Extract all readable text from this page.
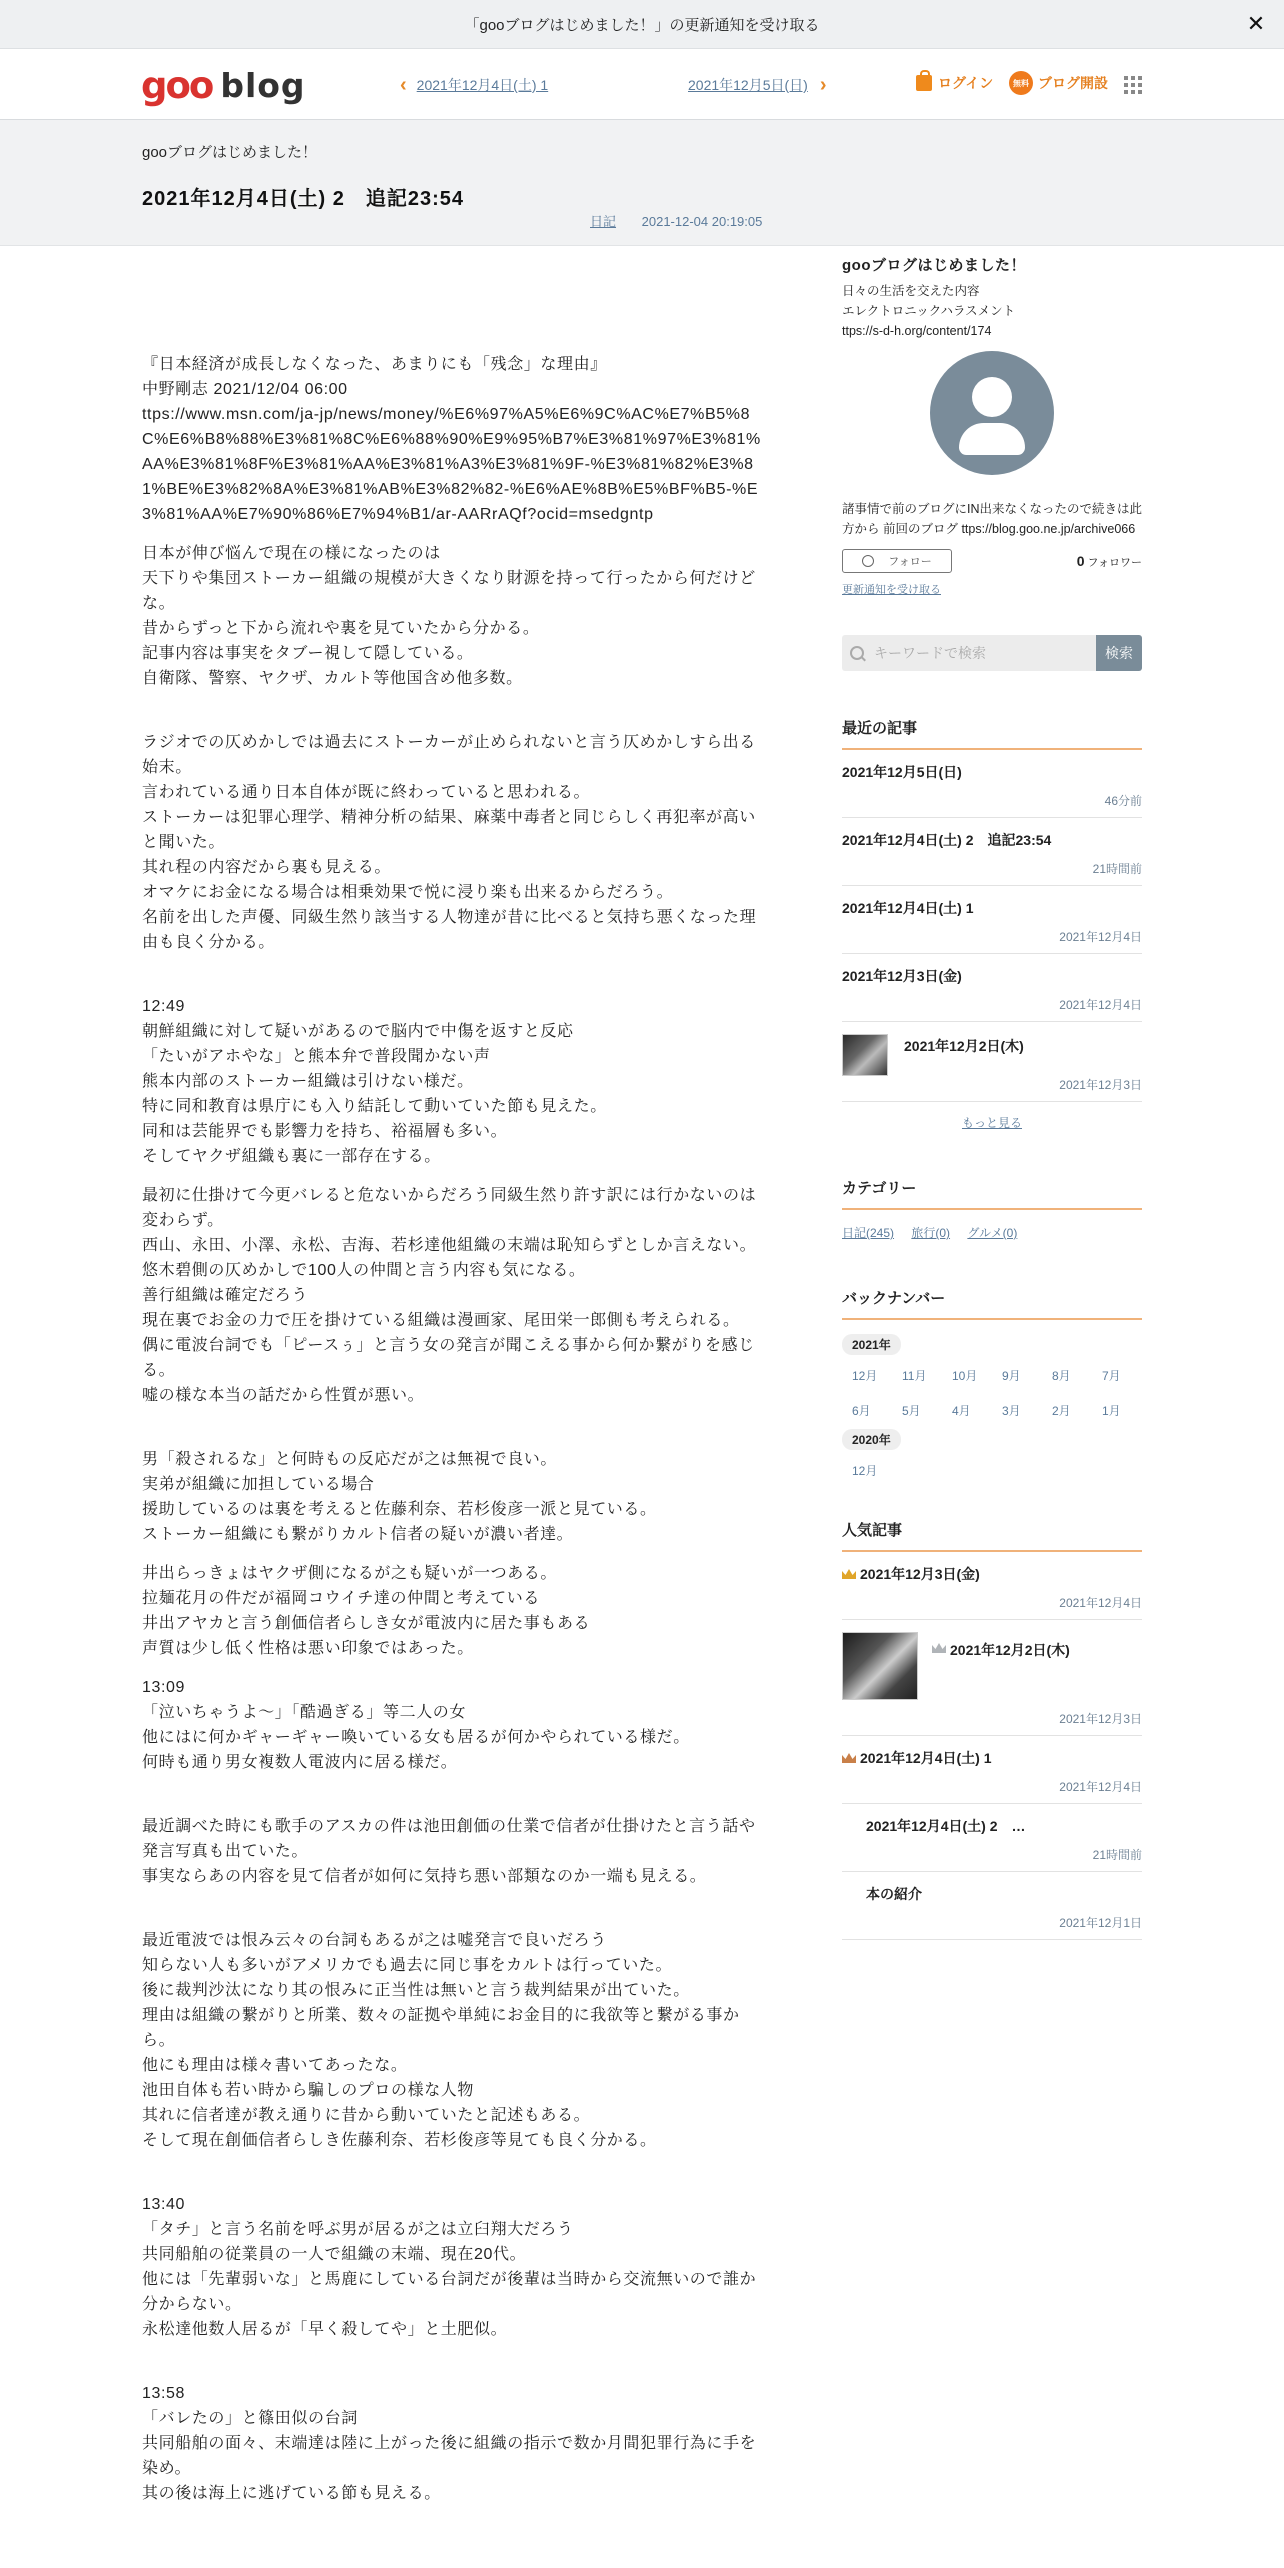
「gooブログはじめました！」の更新通知を受け取る	✕
goo blog	‹ 2021年12月4日(土) 1	2021年12月5日(日) ›	ログイン	無料 ブログ開設
gooブログはじめました！
2021年12月4日(土) 2　追記23:54
日記 2021-12-04 20:19:05

『日本経済が成長しなくなった、あまりにも「残念」な理由』
中野剛志 2021/12/04 06:00
ttps://www.msn.com/ja-jp/news/money/%E6%97%A5%E6%9C%AC%E7%B5%8C%E6%B8%88%E3%81%8C%E6%88%90%E9%95%B7%E3%81%97%E3%81%AA%E3%81%8F%E3%81%AA%E3%81%A3%E3%81%9F-%E3%81%82%E3%81%BE%E3%82%8A%E3%81%AB%E3%82%82-%E6%AE%8B%E5%BF%B5-%E3%81%AA%E7%90%86%E7%94%B1/ar-AARrAQf?ocid=msedgntp

日本が伸び悩んで現在の様になったのは
天下りや集団ストーカー組織の規模が大きくなり財源を持って行ったから何だけどな。
昔からずっと下から流れや裏を見ていたから分かる。
記事内容は事実をタブー視して隠している。
自衛隊、警察、ヤクザ、カルト等他国含め他多数。

ラジオでの仄めかしでは過去にストーカーが止められないと言う仄めかしすら出る始末。
言われている通り日本自体が既に終わっていると思われる。
ストーカーは犯罪心理学、精神分析の結果、麻薬中毒者と同じらしく再犯率が高いと聞いた。
其れ程の内容だから裏も見える。
オマケにお金になる場合は相乗効果で悦に浸り楽も出来るからだろう。
名前を出した声優、同級生然り該当する人物達が昔に比べると気持ち悪くなった理由も良く分かる。

12:49
朝鮮組織に対して疑いがあるので脳内で中傷を返すと反応
「たいがアホやな」と熊本弁で普段聞かない声
熊本内部のストーカー組織は引けない様だ。
特に同和教育は県庁にも入り結託して動いていた節も見えた。
同和は芸能界でも影響力を持ち、裕福層も多い。
そしてヤクザ組織も裏に一部存在する。

最初に仕掛けて今更バレると危ないからだろう同級生然り許す訳には行かないのは変わらず。
西山、永田、小澤、永松、吉海、若杉達他組織の末端は恥知らずとしか言えない。
悠木碧側の仄めかしで100人の仲間と言う内容も気になる。
善行組織は確定だろう
現在裏でお金の力で圧を掛けている組織は漫画家、尾田栄一郎側も考えられる。
偶に電波台詞でも「ピースぅ」と言う女の発言が聞こえる事から何か繋がりを感じる。
嘘の様な本当の話だから性質が悪い。

男「殺されるな」と何時もの反応だが之は無視で良い。
実弟が組織に加担している場合
援助しているのは裏を考えると佐藤利奈、若杉俊彦一派と見ている。
ストーカー組織にも繋がりカルト信者の疑いが濃い者達。

井出らっきょはヤクザ側になるが之も疑いが一つある。
拉麺花月の件だが福岡コウイチ達の仲間と考えている
井出アヤカと言う創価信者らしき女が電波内に居た事もある
声質は少し低く性格は悪い印象ではあった。

13:09
「泣いちゃうよ～」「酷過ぎる」等二人の女
他にはに何かギャーギャー喚いている女も居るが何かやられている様だ。
何時も通り男女複数人電波内に居る様だ。

最近調べた時にも歌手のアスカの件は池田創価の仕業で信者が仕掛けたと言う話や発言写真も出ていた。
事実ならあの内容を見て信者が如何に気持ち悪い部類なのか一端も見える。

最近電波では恨み云々の台詞もあるが之は嘘発言で良いだろう
知らない人も多いがアメリカでも過去に同じ事をカルトは行っていた。
後に裁判沙汰になり其の恨みに正当性は無いと言う裁判結果が出ていた。
理由は組織の繋がりと所業、数々の証拠や単純にお金目的に我欲等と繋がる事から。
他にも理由は様々書いてあったな。
池田自体も若い時から騙しのプロの様な人物
其れに信者達が教え通りに昔から動いていたと記述もある。
そして現在創価信者らしき佐藤利奈、若杉俊彦等見ても良く分かる。

13:40
「タチ」と言う名前を呼ぶ男が居るが之は立臼翔大だろう
共同船舶の従業員の一人で組織の末端、現在20代。
他には「先輩弱いな」と馬鹿にしている台詞だが後輩は当時から交流無いので誰か分からない。
永松達他数人居るが「早く殺してや」と土肥似。

13:58
「バレたの」と篠田似の台詞
共同船舶の面々、末端達は陸に上がった後に組織の指示で数か月間犯罪行為に手を染め。
其の後は海上に逃げている節も見える。

gooブログはじめました！
日々の生活を交えた内容
エレクトロニックハラスメント
ttps://s-d-h.org/content/174
諸事情で前のブログにIN出来なくなったので続きは此方から 前回のブログ ttps://blog.goo.ne.jp/archive066
フォロー	0 フォロワー
更新通知を受け取る
キーワードで検索
検索
最近の記事
2021年12月5日(日)
46分前
2021年12月4日(土) 2　追記23:54
21時間前
2021年12月4日(土) 1
2021年12月4日
2021年12月3日(金)
2021年12月4日
2021年12月2日(木)
2021年12月3日
もっと見る
カテゴリー
日記(245) 旅行(0) グルメ(0)
バックナンバー
2021年
12月	11月	10月	9月	8月	7月
6月	5月	4月	3月	2月	1月
2020年
12月
人気記事
2021年12月3日(金)
2021年12月4日
2021年12月2日(木)
2021年12月3日
2021年12月4日(土) 1
2021年12月4日
2021年12月4日(土) 2　…
21時間前
本の紹介
2021年12月1日
